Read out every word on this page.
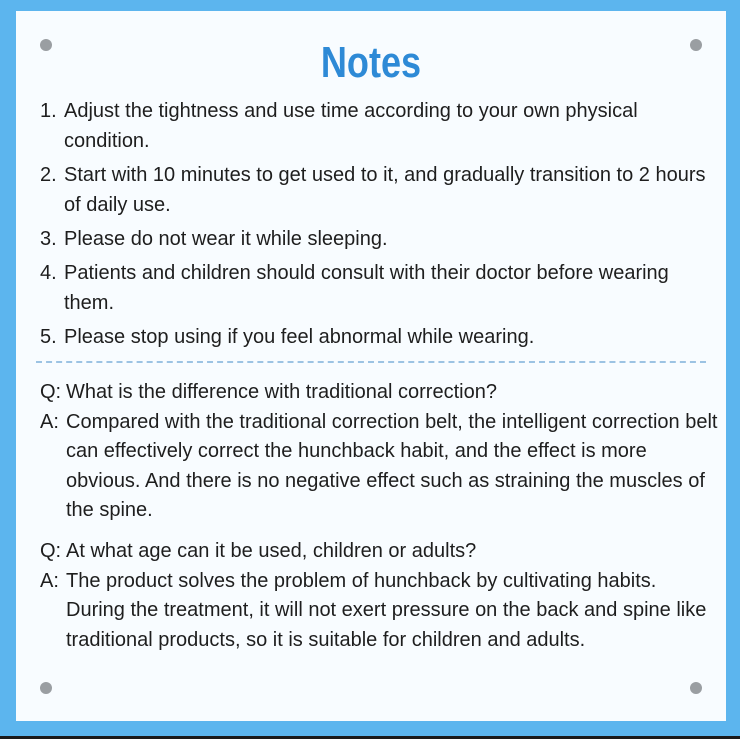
Notes
1. Adjust the tightness and use time according to your own physical condition.
2. Start with 10 minutes to get used to it, and gradually transition to 2 hours of daily use.
3. Please do not wear it while sleeping.
4. Patients and children should consult with their doctor before wearing them.
5. Please stop using if you feel abnormal while wearing.
Q: What is the difference with traditional correction?
A: Compared with the traditional correction belt, the intelligent correction belt can effectively correct the hunchback habit, and the effect is more obvious. And there is no negative effect such as straining the muscles of the spine.
Q: At what age can it be used, children or adults?
A: The product solves the problem of hunchback by cultivating habits. During the treatment, it will not exert pressure on the back and spine like traditional products, so it is suitable for children and adults.
